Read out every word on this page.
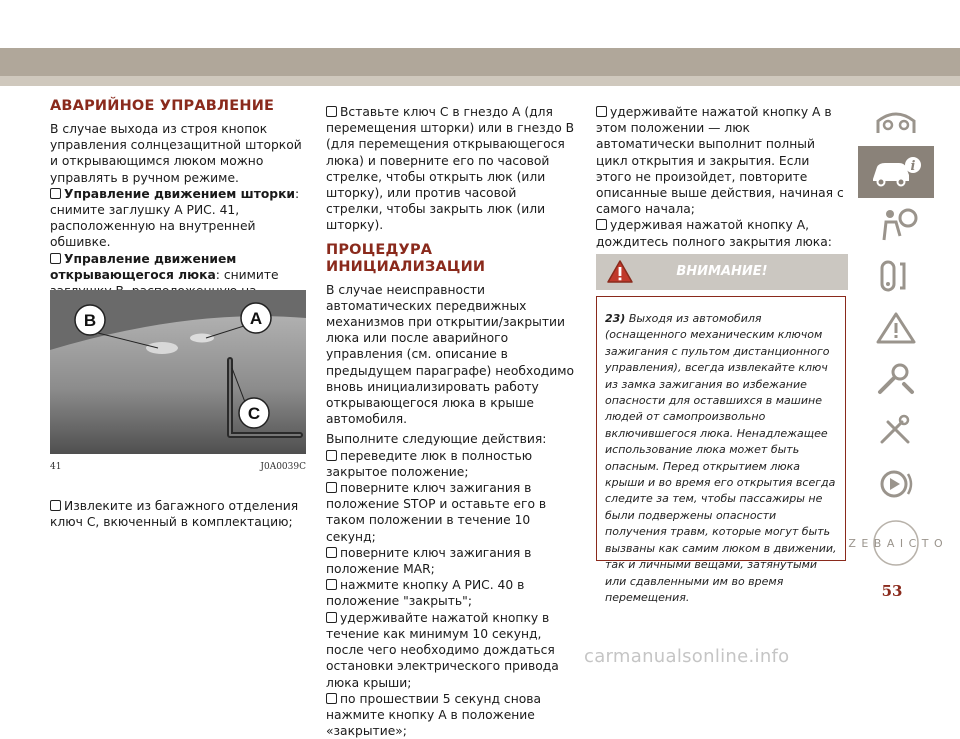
АВАРИЙНОЕ УПРАВЛЕНИЕ

В случае выхода из строя кнопок управления солнцезащитной шторкой и открывающимся люком можно управлять в ручном режиме.

Управление движением шторки: снимите заглушку A РИС. 41, расположенную на внутренней обшивке.

Управление движением открывающегося люка: снимите

B	A
C
41	J0A0039C

Извлеките из багажного отделения ключ C, вкюченный в комплектацию;

Вставьте ключ C в гнездо A (для перемещения шторки) или в гнездо B (для перемещения открывающегося люка) и поверните его по часовой стрелке, чтобы открыть люк (или шторку), или против часовой стрелки, чтобы закрыть люк (или шторку).

ПРОЦЕДУРА ИНИЦИАЛИЗАЦИИ

В случае неисправности автоматических передвижных механизмов при открытии/закрытии люка или после аварийного управления (см. описание в предыдущем параграфе) необходимо вновь инициализировать работу открывающегося люка в крыше автомобиля.

Выполните следующие действия:

переведите люк в полностью закрытое положение;

поверните ключ зажигания в положение STOP и оставьте его в таком положении в течение 10 секунд;

поверните ключ зажигания в положение MAR;

нажмите кнопку A РИС. 40 в положение "закрыть";

удерживайте нажатой кнопку в течение как минимум 10 секунд, после чего необходимо дождаться остановки электрического привода люка крыши;

по прошествии 5 секунд снова нажмите кнопку A в положение «закрытие»;

удерживайте нажатой кнопку A в этом положении — люк автоматически выполнит полный цикл открытия и закрытия. Если этого не произойдет, повторите описанные выше действия, начиная с самого начала;

удерживая нажатой кнопку A, дождитесь полного закрытия люка:

ВНИМАНИЕ!
23) Выходя из автомобиля (оснащенного механическим ключом зажигания с пультом дистанционного управления), всегда извлекайте ключ из замка зажигания во избежание опасности для оставшихся в машине людей от самопроизвольно включившегося люка. Ненадлежащее использование люка может быть опасным. Перед открытием люка крыши и во время его открытия всегда следите за тем, чтобы пассажиры не были подвержены опасности получения травм, которые могут быть вызваны как самим люком в движении, так и личными вещами, затянутыми или сдавленными им во время перемещения.
i
Z E B A I C T O
53
carmanualsonline.info
